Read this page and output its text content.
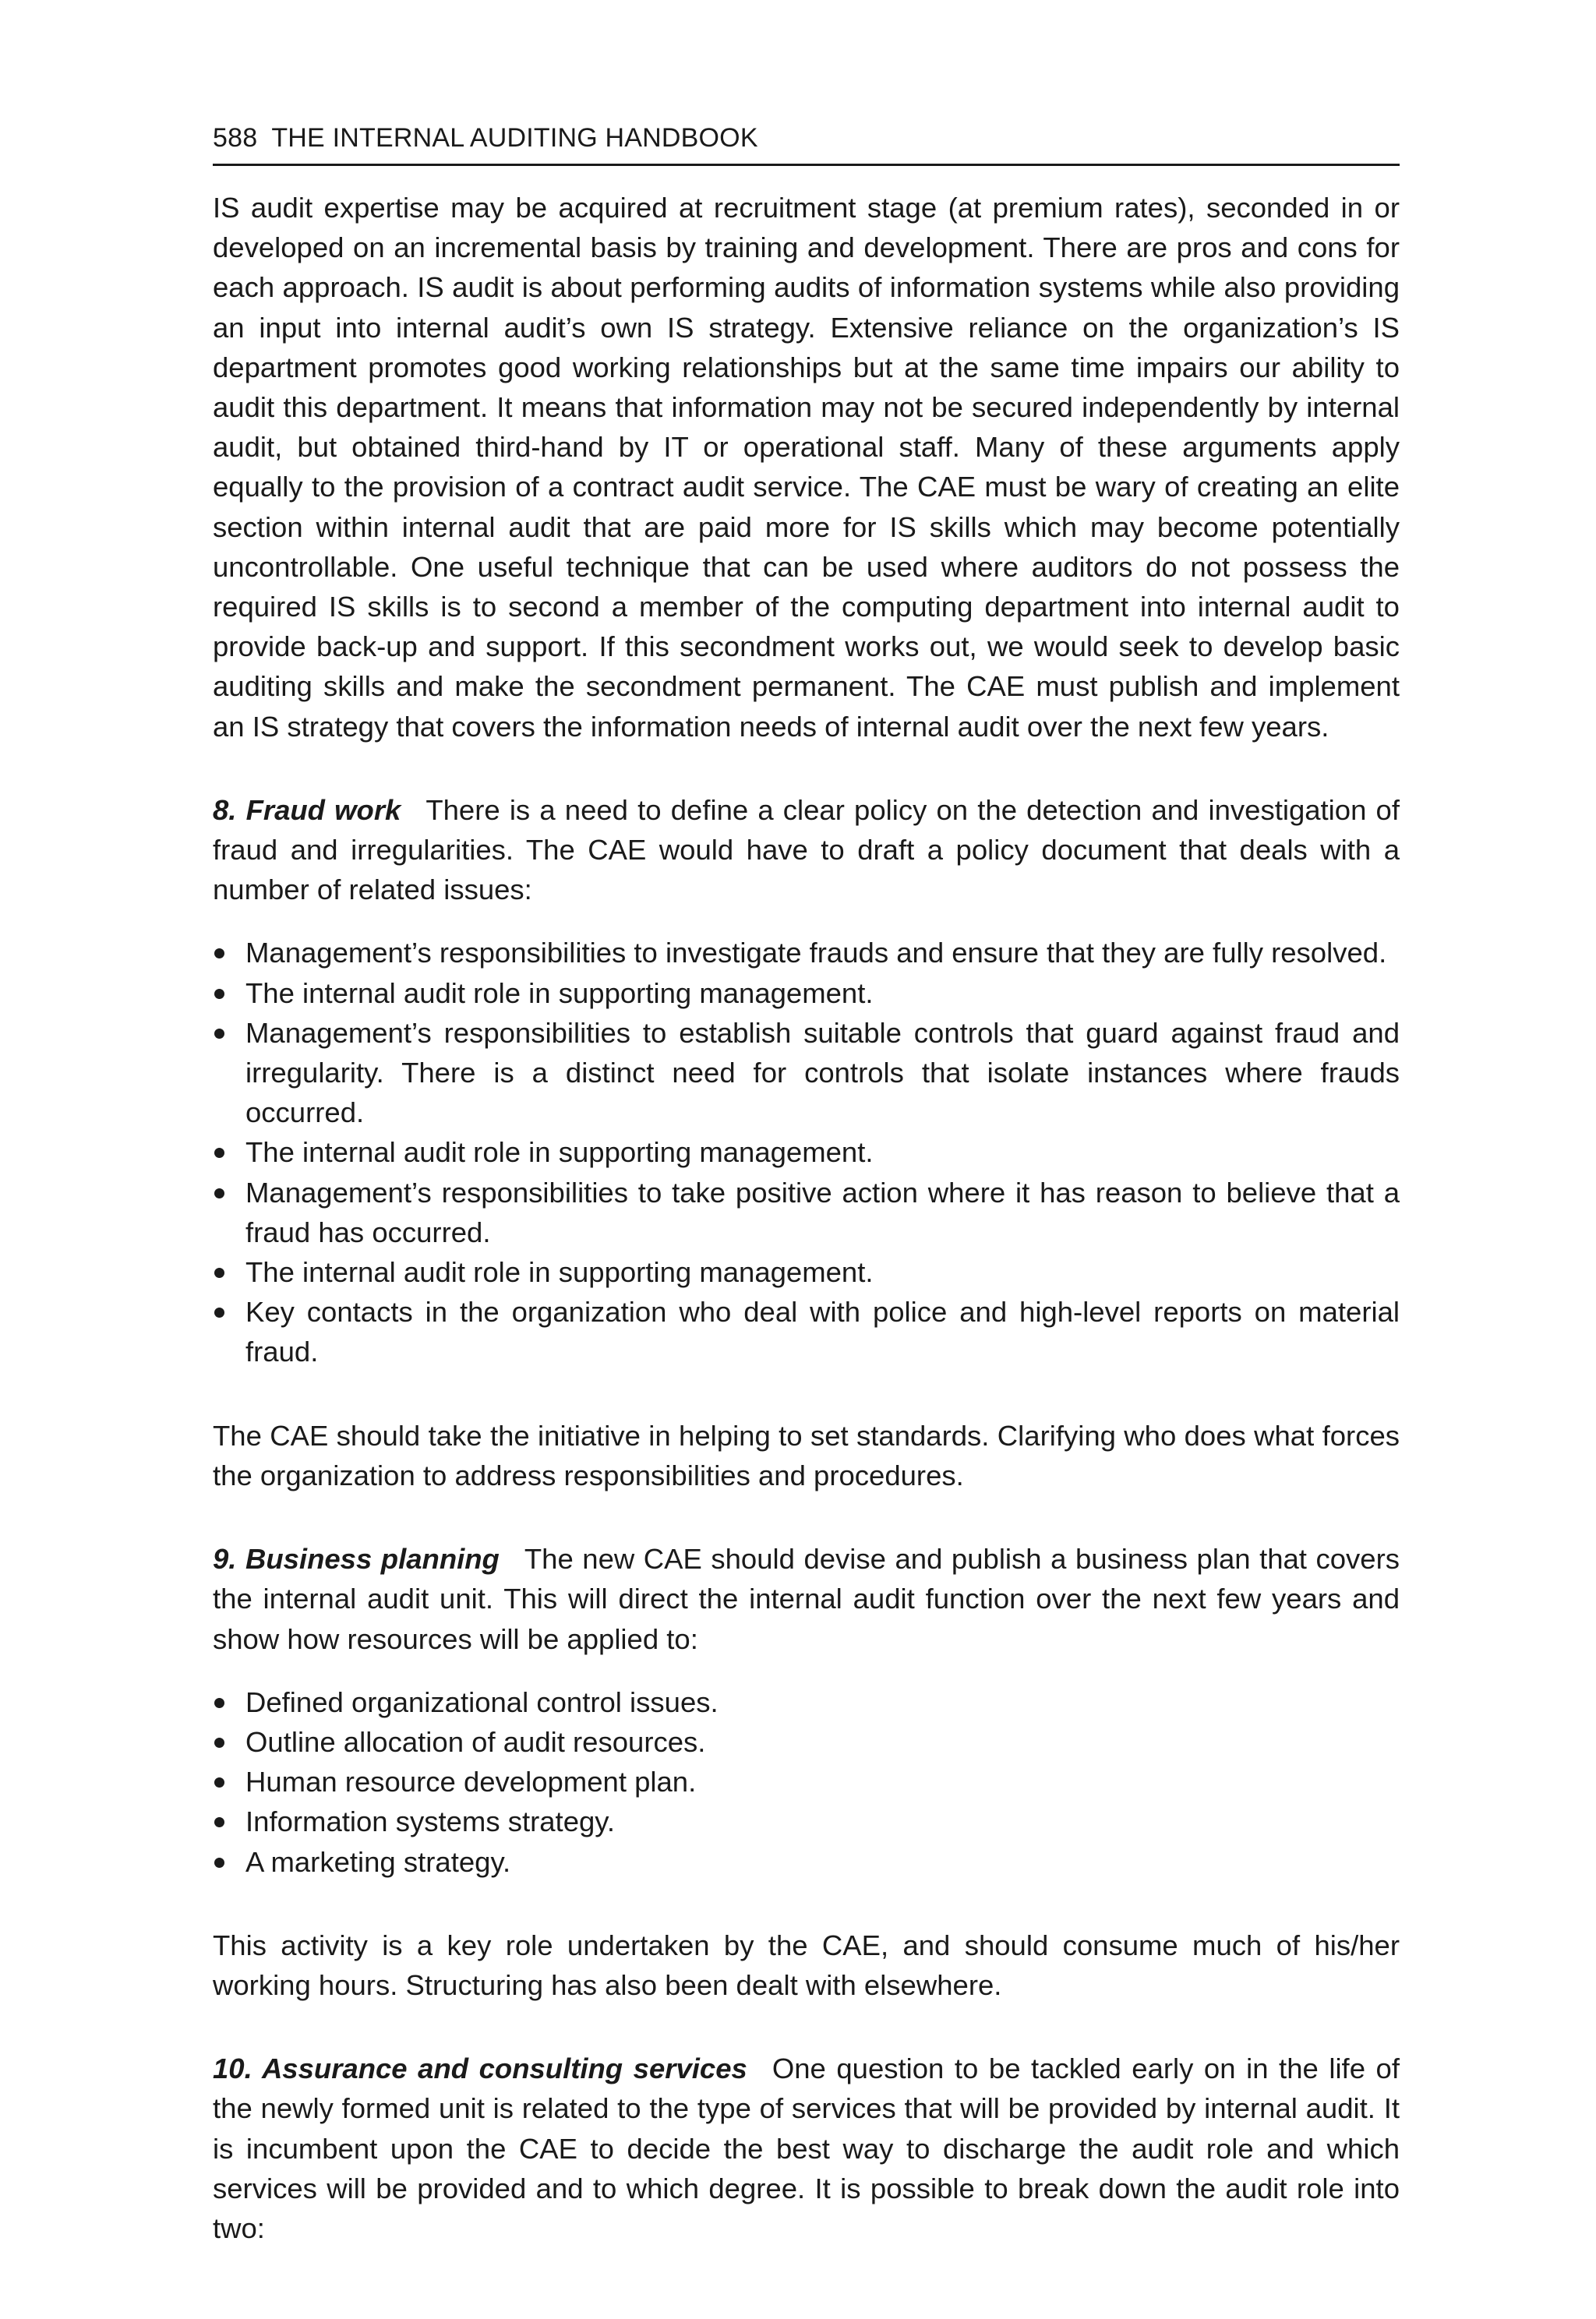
588 THE INTERNAL AUDITING HANDBOOK

IS audit expertise may be acquired at recruitment stage (at premium rates), seconded in or developed on an incremental basis by training and development. There are pros and cons for each approach. IS audit is about performing audits of information systems while also providing an input into internal audit’s own IS strategy. Extensive reliance on the organization’s IS department promotes good working relationships but at the same time impairs our ability to audit this department. It means that information may not be secured independently by internal audit, but obtained third-hand by IT or operational staff. Many of these arguments apply equally to the provision of a contract audit service. The CAE must be wary of creating an elite section within internal audit that are paid more for IS skills which may become potentially uncontrollable. One useful technique that can be used where auditors do not possess the required IS skills is to second a member of the computing department into internal audit to provide back-up and support. If this secondment works out, we would seek to develop basic auditing skills and make the secondment permanent. The CAE must publish and implement an IS strategy that covers the information needs of internal audit over the next few years.

8. Fraud work There is a need to define a clear policy on the detection and investigation of fraud and irregularities. The CAE would have to draft a policy document that deals with a number of related issues:

Management’s responsibilities to investigate frauds and ensure that they are fully resolved.
The internal audit role in supporting management.
Management’s responsibilities to establish suitable controls that guard against fraud and irregularity. There is a distinct need for controls that isolate instances where frauds occurred.
The internal audit role in supporting management.
Management’s responsibilities to take positive action where it has reason to believe that a fraud has occurred.
The internal audit role in supporting management.
Key contacts in the organization who deal with police and high-level reports on material fraud.

The CAE should take the initiative in helping to set standards. Clarifying who does what forces the organization to address responsibilities and procedures.

9. Business planning The new CAE should devise and publish a business plan that covers the internal audit unit. This will direct the internal audit function over the next few years and show how resources will be applied to:

Defined organizational control issues.
Outline allocation of audit resources.
Human resource development plan.
Information systems strategy.
A marketing strategy.

This activity is a key role undertaken by the CAE, and should consume much of his/her working hours. Structuring has also been dealt with elsewhere.

10. Assurance and consulting services One question to be tackled early on in the life of the newly formed unit is related to the type of services that will be provided by internal audit. It is incumbent upon the CAE to decide the best way to discharge the audit role and which services will be provided and to which degree. It is possible to break down the audit role into two:
